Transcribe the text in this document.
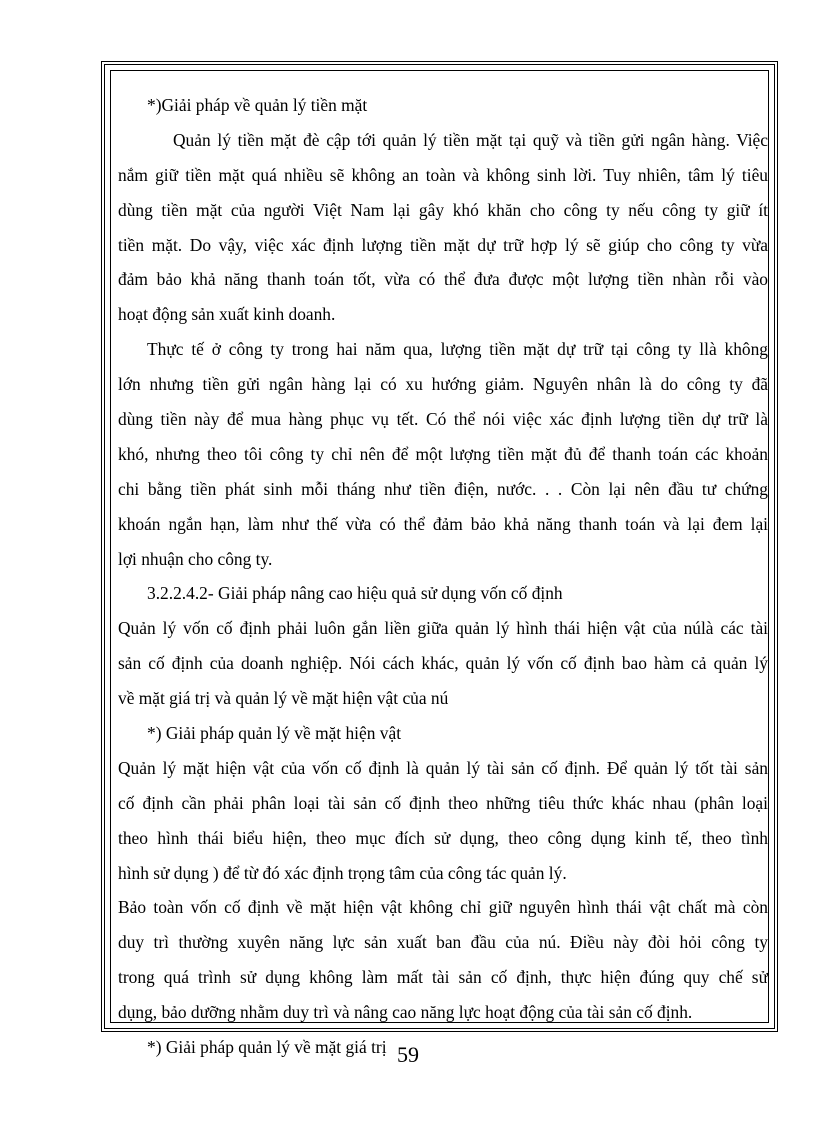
*)Giải pháp về quản lý tiền mặt
Quản lý tiền mặt đè cập tới quản lý tiền mặt tại quỹ và tiền gửi ngân hàng. Việc
nắm giữ tiền mặt quá nhiều sẽ không an toàn và không sinh lời. Tuy nhiên, tâm lý tiêu
dùng tiền mặt của người Việt Nam lại gây khó khăn cho công ty nếu công ty giữ ít
tiền mặt. Do vậy, việc xác định lượng tiền mặt dự trữ hợp lý sẽ giúp cho công ty vừa
đảm bảo khả năng thanh toán tốt, vừa có thể đưa được một lượng tiền nhàn rỗi vào
hoạt động sản xuất kinh doanh.
Thực tế ở công ty trong hai năm qua, lượng tiền mặt dự trữ tại công ty llà không
lớn nhưng tiền gửi ngân hàng lại có xu hướng giảm. Nguyên nhân là do công ty đã
dùng tiền này để mua hàng phục vụ tết. Có thể nói việc xác định lượng tiền dự trữ là
khó, nhưng theo tôi công ty chỉ nên để một lượng tiền mặt đủ để thanh toán các khoản
chi bằng tiền phát sinh mỗi tháng như tiền điện, nước. . . Còn lại nên đầu tư chứng
khoán ngắn hạn, làm như thế vừa có thể đảm bảo khả năng thanh toán và lại đem lại
lợi nhuận cho công ty.
3.2.2.4.2- Giải pháp nâng cao hiệu quả sử dụng vốn cố định
Quản lý vốn cố định phải luôn gắn liền giữa quản lý hình thái hiện vật của núlà các tài
sản cố định của doanh nghiệp. Nói cách khác, quản lý vốn cố định bao hàm cả quản lý
về mặt giá trị và quản lý về mặt hiện vật của nú
*) Giải pháp quản lý về mặt hiện vật
Quản lý mặt hiện vật của vốn cố định là quản lý tài sản cố định. Để quản lý tốt tài sản
cố định cần phải phân loại tài sản cố định theo những tiêu thức khác nhau (phân loại
theo hình thái biểu hiện, theo mục đích sử dụng, theo công dụng kinh tế, theo tình
hình sử dụng ) để từ đó xác định trọng tâm của công tác quản lý.
Bảo toàn vốn cố định về mặt hiện vật không chỉ giữ nguyên hình thái vật chất mà còn
duy trì thường xuyên năng lực sản xuất ban đầu của nú. Điều này đòi hỏi công ty
trong quá trình sử dụng không làm mất tài sản cố định, thực hiện đúng quy chế sử
dụng, bảo dưỡng nhằm duy trì và nâng cao năng lực hoạt động của tài sản cố định.
*) Giải pháp quản lý về mặt giá trị 59
